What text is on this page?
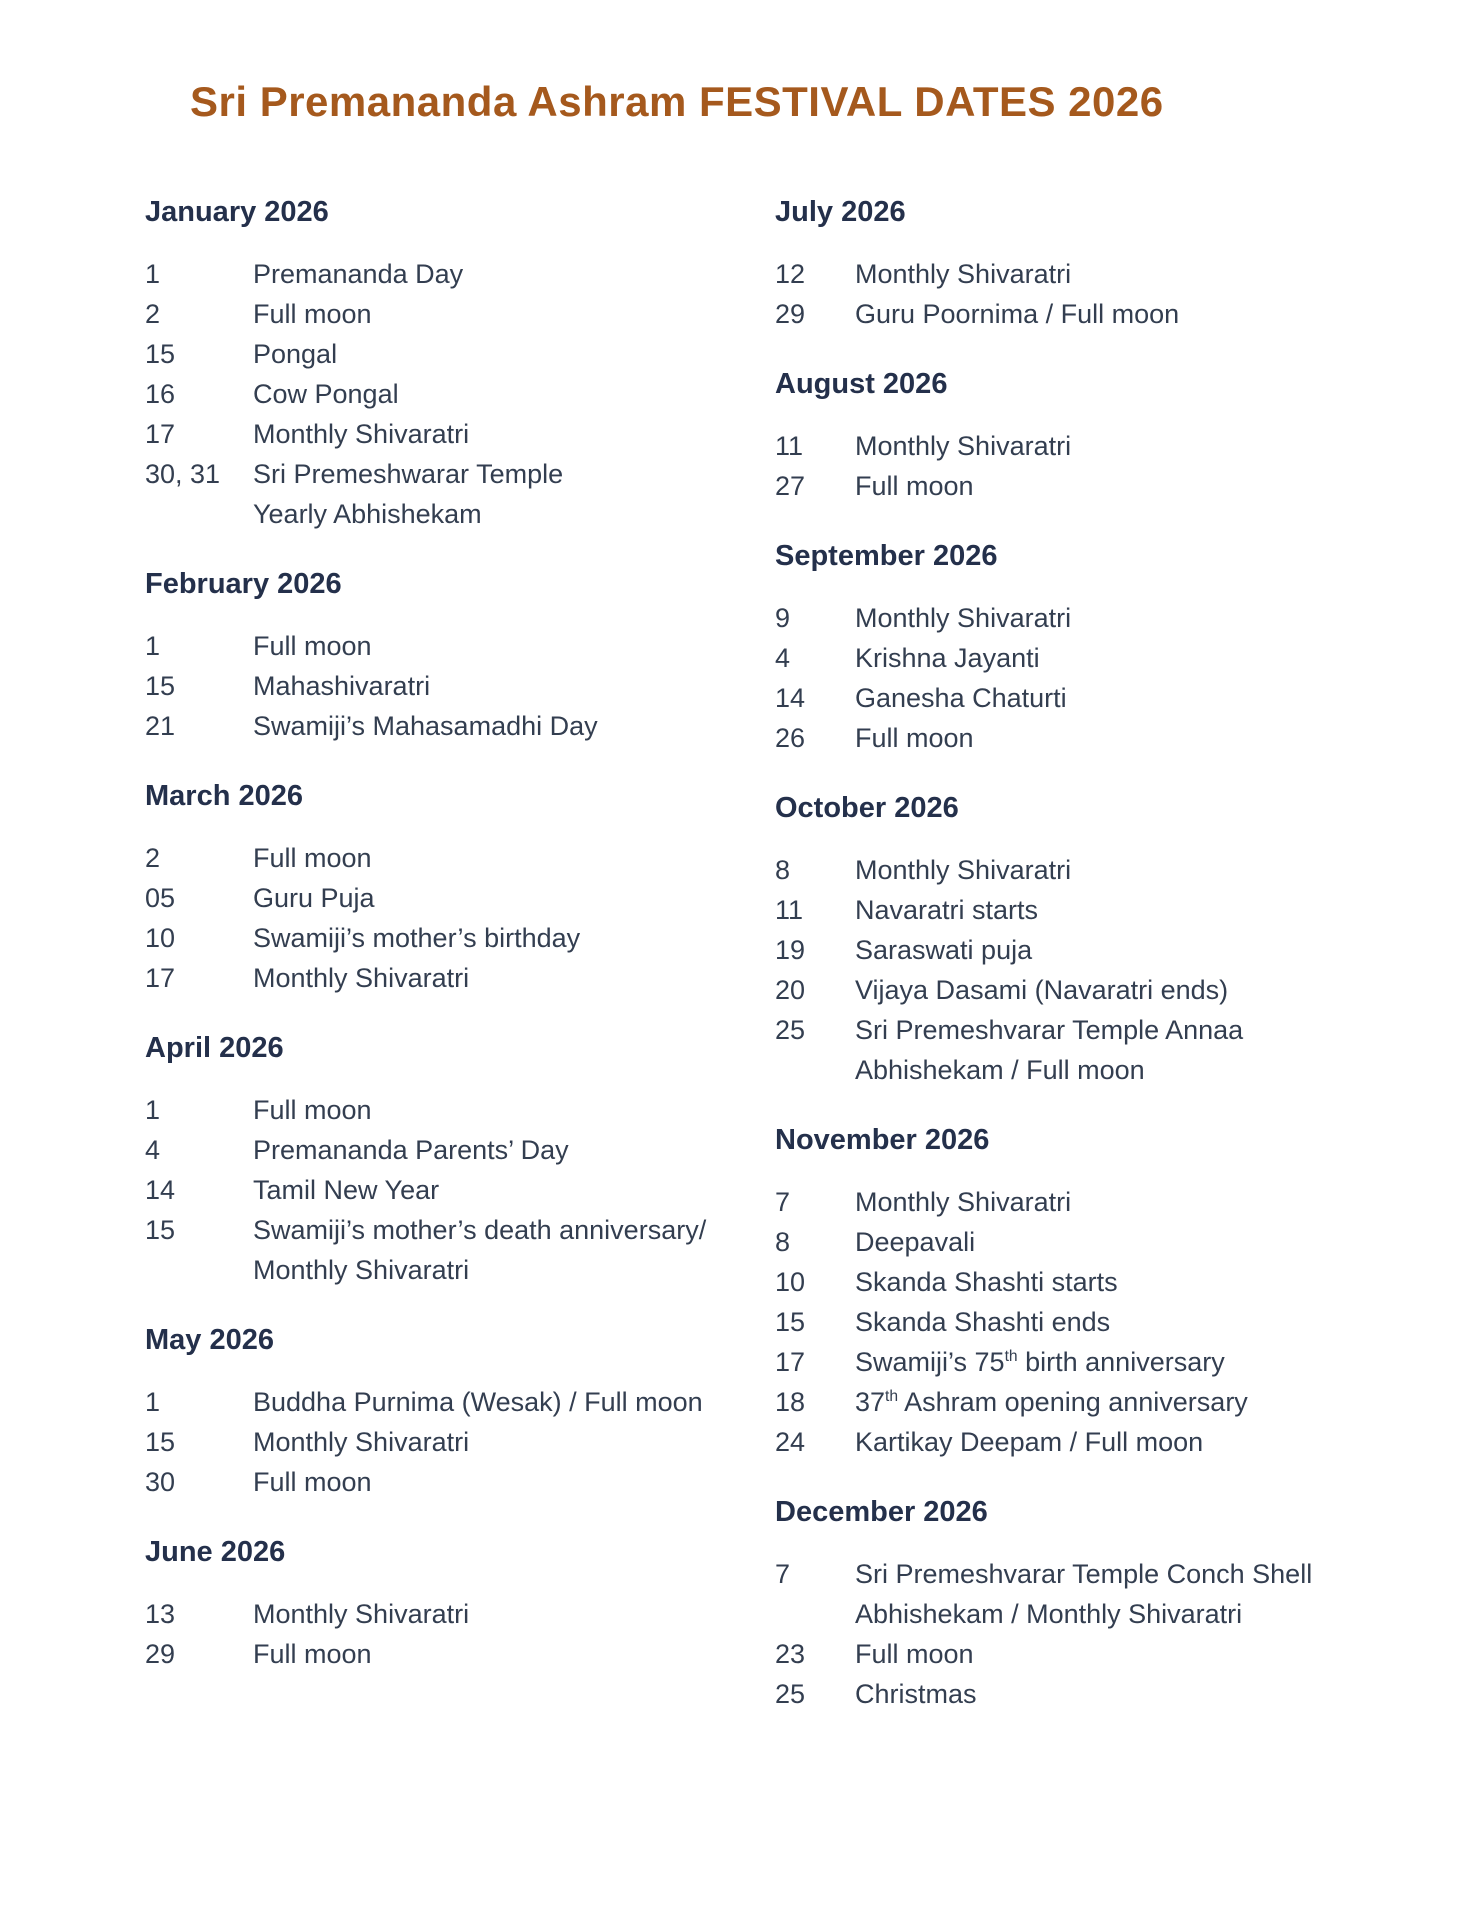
Sri Premananda Ashram FESTIVAL DATES 2026
January 2026
1	Premananda Day
2	Full moon
15	Pongal
16	Cow Pongal
17	Monthly Shivaratri
30, 31	Sri Premeshwarar Temple
Yearly Abhishekam
February 2026
1	Full moon
15	Mahashivaratri
21	Swamiji’s Mahasamadhi Day
March 2026
2	Full moon
05	Guru Puja
10	Swamiji’s mother’s birthday
17	Monthly Shivaratri
April 2026
1	Full moon
4	Premananda Parents’ Day
14	Tamil New Year
15	Swamiji’s mother’s death anniversary/
Monthly Shivaratri
May 2026
1	Buddha Purnima (Wesak) / Full moon
15	Monthly Shivaratri
30	Full moon
June 2026
13	Monthly Shivaratri
29	Full moon
July 2026
12	Monthly Shivaratri
29	Guru Poornima / Full moon
August 2026
11	Monthly Shivaratri
27	Full moon
September 2026
9	Monthly Shivaratri
4	Krishna Jayanti
14	Ganesha Chaturti
26	Full moon
October 2026
8	Monthly Shivaratri
11	Navaratri starts
19	Saraswati puja
20	Vijaya Dasami (Navaratri ends)
25	Sri Premeshvarar Temple Annaa
Abhishekam / Full moon
November 2026
7	Monthly Shivaratri
8	Deepavali
10	Skanda Shashti starts
15	Skanda Shashti ends
17	Swamiji’s 75th birth anniversary
18	37th Ashram opening anniversary
24	Kartikay Deepam / Full moon
December 2026
7	Sri Premeshvarar Temple Conch Shell
Abhishekam / Monthly Shivaratri
23	Full moon
25	Christmas
